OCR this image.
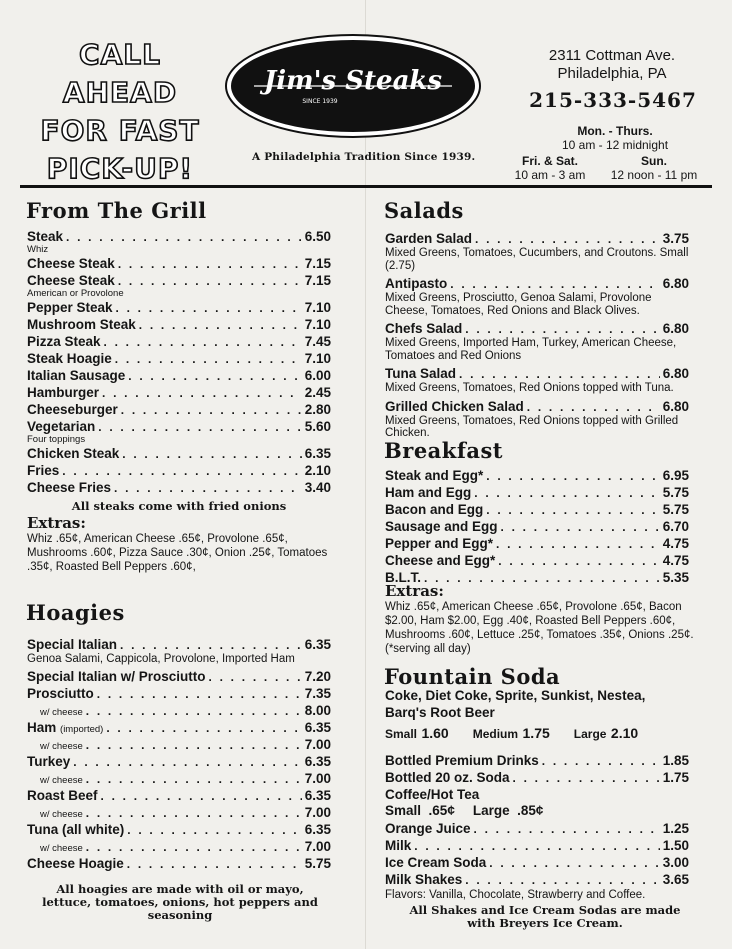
CALL
AHEAD
FOR FAST
PICK-UP!
Jim's Steaks
SINCE 1939
A Philadelphia Tradition Since 1939.
2311 Cottman Ave.
Philadelphia, PA
215-333-5467
Mon. - Thurs.
10 am - 12 midnight
Fri. & Sat.
10 am - 3 am
Sun.
12 noon - 11 pm
From The Grill
Steak . . .	6.50
Whiz
Cheese Steak . . .	7.15
Cheese Steak . . .	7.15
American or Provolone
Pepper Steak . . .	7.10
Mushroom Steak . . .	7.10
Pizza Steak . . .	7.45
Steak Hoagie . . .	7.10
Italian Sausage . . .	6.00
Hamburger . . .	2.45
Cheeseburger . . .	2.80
Vegetarian . . .	5.60
Four toppings
Chicken Steak . . .	6.35
Fries . . .	2.10
Cheese Fries . . .	3.40
All steaks come with fried onions
Extras:
Whiz .65¢, American Cheese .65¢, Provolone .65¢, Mushrooms .60¢, Pizza Sauce .30¢, Onion .25¢, Tomatoes .35¢, Roasted Bell Peppers .60¢,
Hoagies
Special Italian . . .	6.35
Genoa Salami, Cappicola, Provolone, Imported Ham
Special Italian w/ Prosciutto . . .	7.20
Prosciutto . . .	7.35
w/ cheese . . .	8.00
Ham (imported) . . .	6.35
w/ cheese . . .	7.00
Turkey . . .	6.35
w/ cheese . . .	7.00
Roast Beef . . .	6.35
w/ cheese . . .	7.00
Tuna (all white) . . .	6.35
w/ cheese . . .	7.00
Cheese Hoagie . . .	5.75
All hoagies are made with oil or mayo, lettuce, tomatoes, onions, hot peppers and seasoning
Salads
Garden Salad . . .	3.75
Mixed Greens, Tomatoes, Cucumbers, and Croutons. Small (2.75)
Antipasto . . .	6.80
Mixed Greens, Prosciutto, Genoa Salami, Provolone Cheese, Tomatoes, Red Onions and Black Olives.
Chefs Salad . . .	6.80
Mixed Greens, Imported Ham, Turkey, American Cheese, Tomatoes and Red Onions
Tuna Salad . . .	6.80
Mixed Greens, Tomatoes, Red Onions topped with Tuna.
Grilled Chicken Salad . . .	6.80
Mixed Greens, Tomatoes, Red Onions topped with Grilled Chicken.
Breakfast
Steak and Egg* . . .	6.95
Ham and Egg . . .	5.75
Bacon and Egg . . .	5.75
Sausage and Egg . . .	6.70
Pepper and Egg* . . .	4.75
Cheese and Egg* . . .	4.75
B.L.T. . . .	5.35
Extras:
Whiz .65¢, American Cheese .65¢, Provolone .65¢, Bacon $2.00, Ham $2.00, Egg .40¢, Roasted Bell Peppers .60¢, Mushrooms .60¢, Lettuce .25¢, Tomatoes .35¢, Onions .25¢. (*serving all day)
Fountain Soda
Coke, Diet Coke, Sprite, Sunkist, Nestea, Barq's Root Beer
Small 1.60 Medium 1.75 Large 2.10
Bottled Premium Drinks . . .	1.85
Bottled 20 oz. Soda . . .	1.75
Coffee/Hot Tea
Small .65¢ Large .85¢
Orange Juice . . .	1.25
Milk . . .	1.50
Ice Cream Soda . . .	3.00
Milk Shakes . . .	3.65
Flavors: Vanilla, Chocolate, Strawberry and Coffee.
All Shakes and Ice Cream Sodas are made with Breyers Ice Cream.
